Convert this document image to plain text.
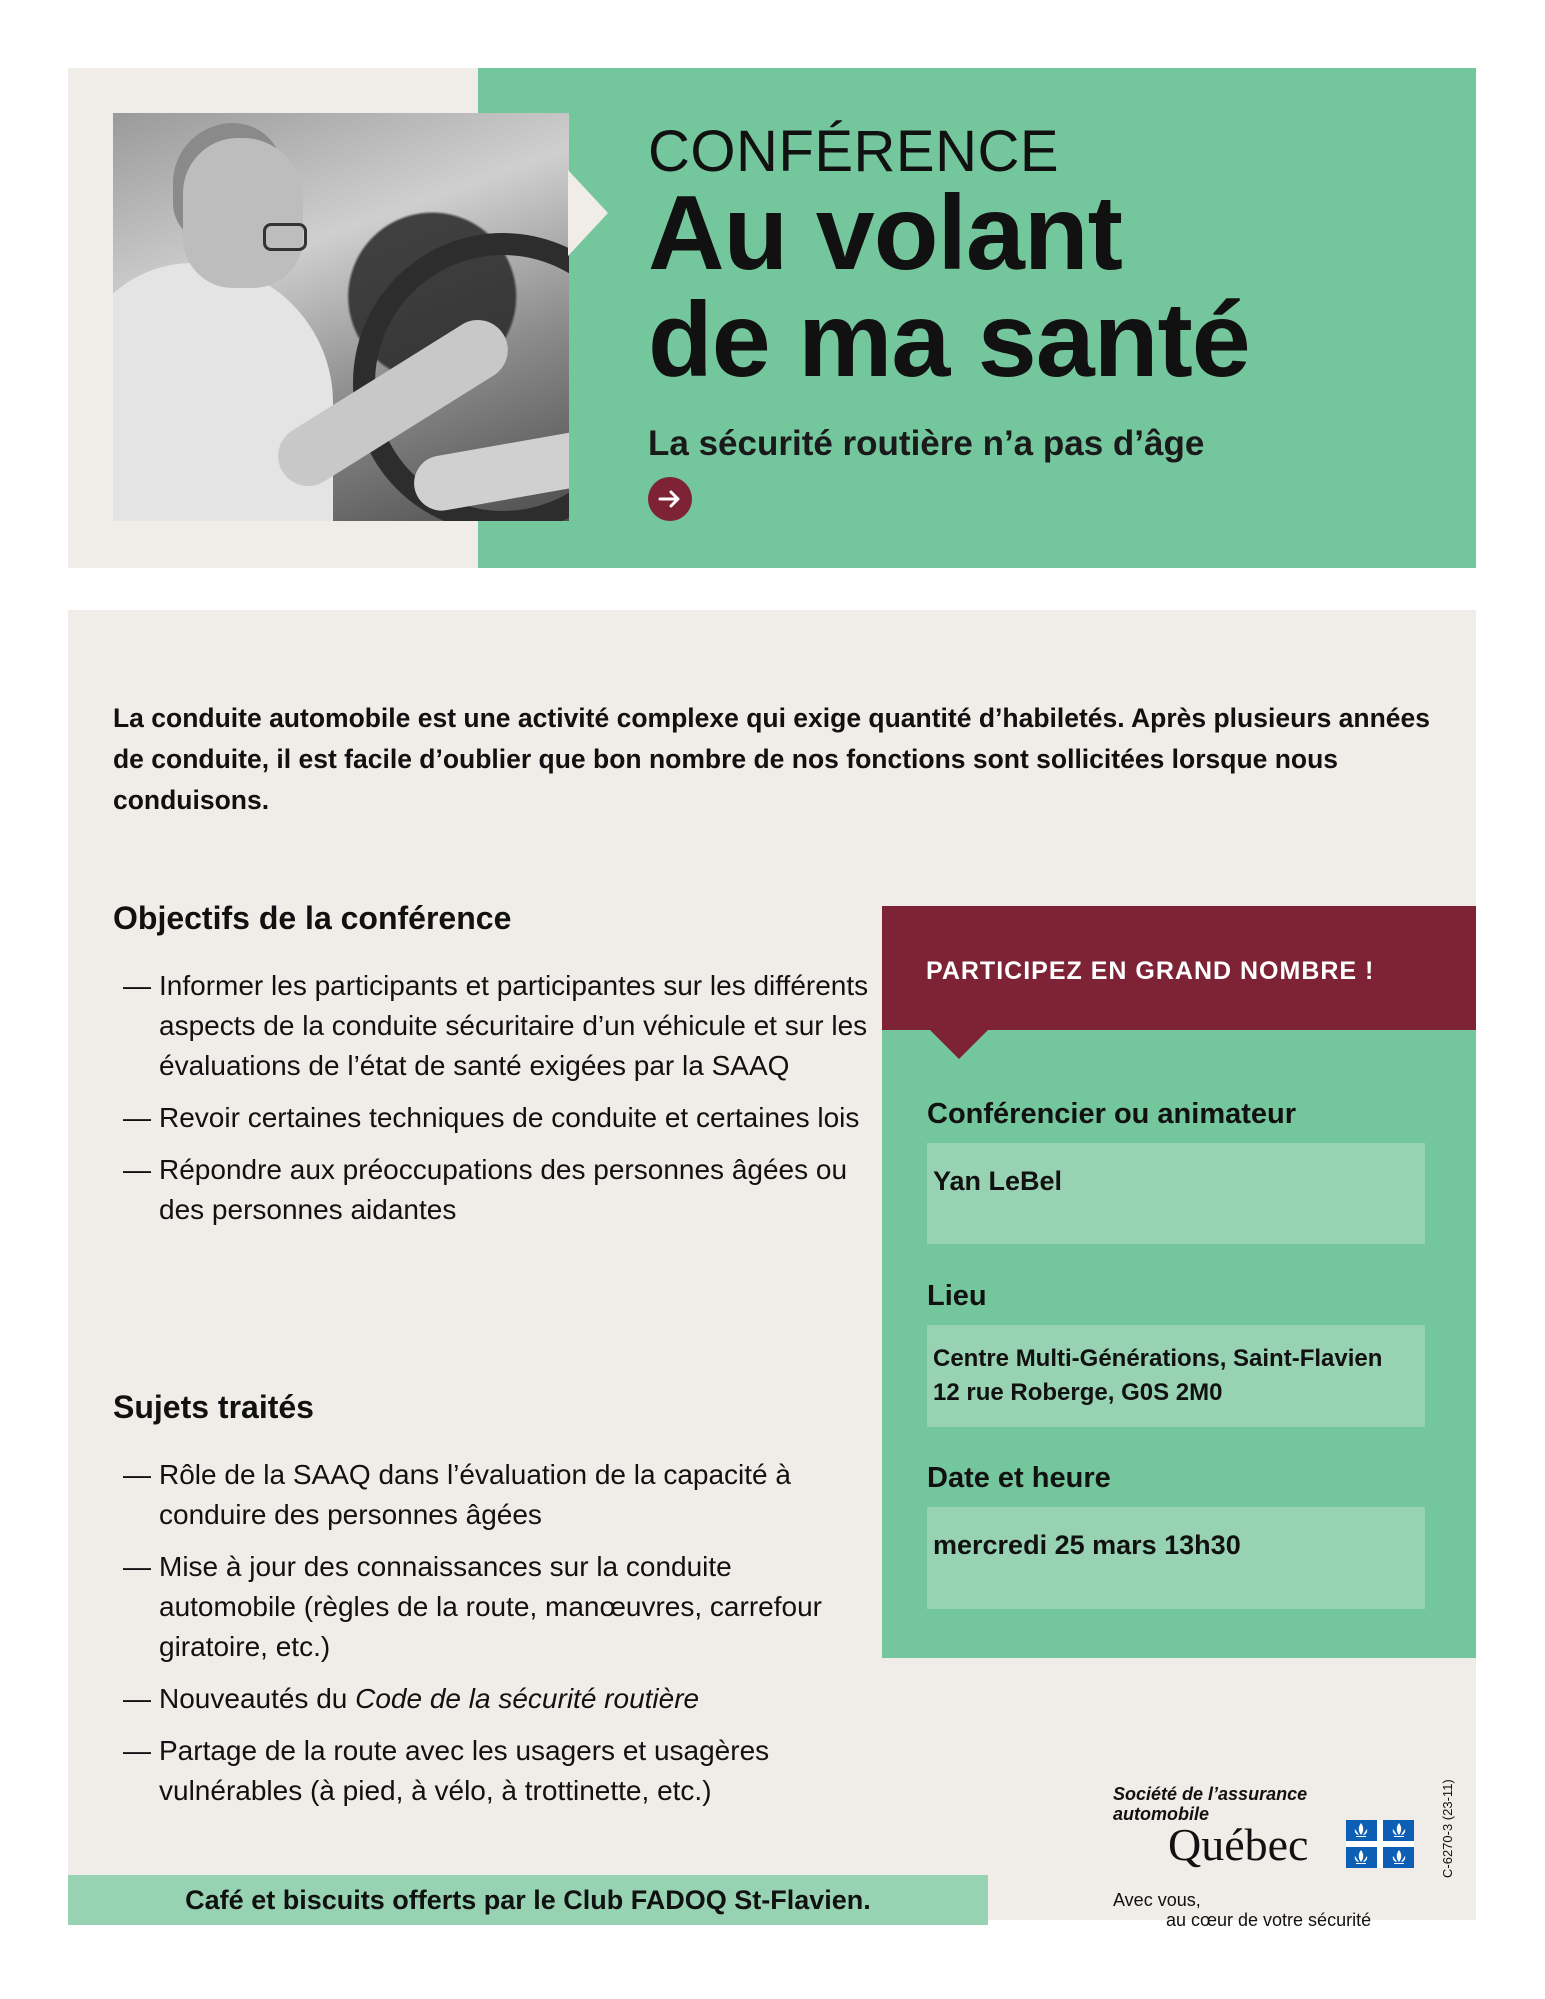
CONFÉRENCE
Au volant
de ma santé
La sécurité routière n’a pas d’âge
La conduite automobile est une activité complexe qui exige quantité d’habiletés. Après plusieurs années de conduite, il est facile d’oublier que bon nombre de nos fonctions sont sollicitées lorsque nous conduisons.
Objectifs de la conférence
— Informer les participants et participantes sur les différents aspects de la conduite sécuritaire d’un véhicule et sur les évaluations de l’état de santé exigées par la SAAQ
— Revoir certaines techniques de conduite et certaines lois
— Répondre aux préoccupations des personnes âgées ou des personnes aidantes
Sujets traités
— Rôle de la SAAQ dans l’évaluation de la capacité à conduire des personnes âgées
— Mise à jour des connaissances sur la conduite automobile (règles de la route, manœuvres, carrefour giratoire, etc.)
— Nouveautés du Code de la sécurité routière
— Partage de la route avec les usagers et usagères vulnérables (à pied, à vélo, à trottinette, etc.)
PARTICIPEZ EN GRAND NOMBRE !
Conférencier ou animateur
Yan LeBel
Lieu
Centre Multi-Générations, Saint-Flavien
12 rue Roberge, G0S 2M0
Date et heure
mercredi 25 mars 13h30
Café et biscuits offerts par le Club FADOQ St-Flavien.
Société de l’assurance
automobile
Québec
Avec vous,
au cœur de votre sécurité
C-6270-3 (23-11)
